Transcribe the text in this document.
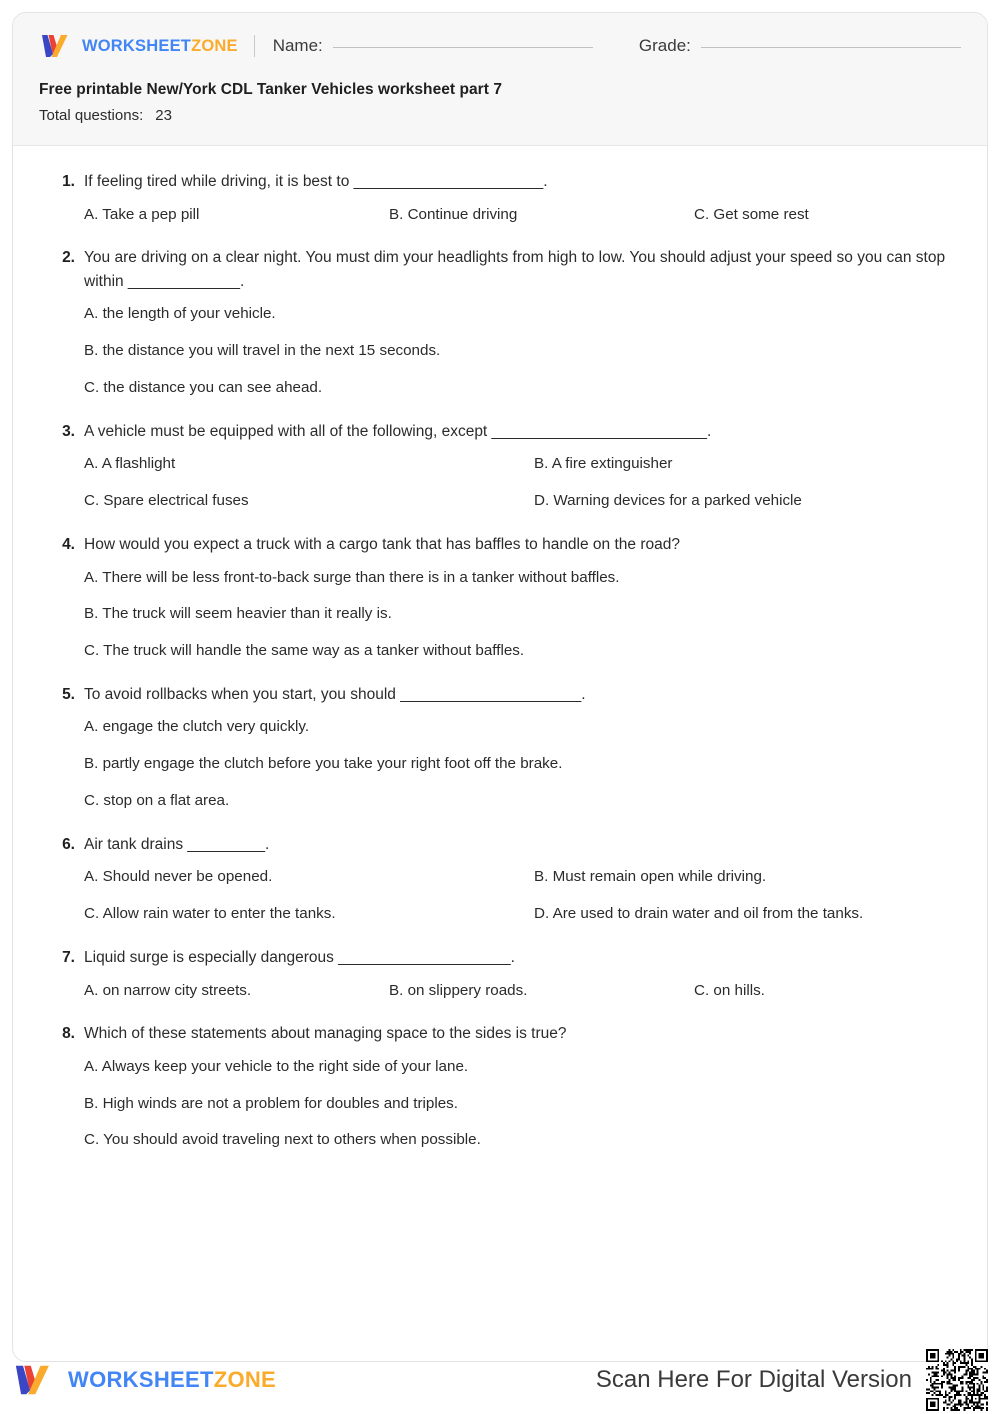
WORKSHEETZONE Name:	Grade:
Free printable New/York CDL Tanker Vehicles worksheet part 7
Total questions: 23
1. If feeling tired while driving, it is best to ______________________.
A. Take a pep pill	B. Continue driving	C. Get some rest
2. You are driving on a clear night. You must dim your headlights from high to low. You should adjust your speed so you can stop within _____________.
A. the length of your vehicle.
B. the distance you will travel in the next 15 seconds.
C. the distance you can see ahead.
3. A vehicle must be equipped with all of the following, except _________________________.
A. A flashlight	B. A fire extinguisher
C. Spare electrical fuses	D. Warning devices for a parked vehicle
4. How would you expect a truck with a cargo tank that has baffles to handle on the road?
A. There will be less front-to-back surge than there is in a tanker without baffles.
B. The truck will seem heavier than it really is.
C. The truck will handle the same way as a tanker without baffles.
5. To avoid rollbacks when you start, you should _____________________.
A. engage the clutch very quickly.
B. partly engage the clutch before you take your right foot off the brake.
C. stop on a flat area.
6. Air tank drains _________.
A. Should never be opened.	B. Must remain open while driving.
C. Allow rain water to enter the tanks.	D. Are used to drain water and oil from the tanks.
7. Liquid surge is especially dangerous ____________________.
A. on narrow city streets.	B. on slippery roads.	C. on hills.
8. Which of these statements about managing space to the sides is true?
A. Always keep your vehicle to the right side of your lane.
B. High winds are not a problem for doubles and triples.
C. You should avoid traveling next to others when possible.
WORKSHEETZONE	Scan Here For Digital Version
